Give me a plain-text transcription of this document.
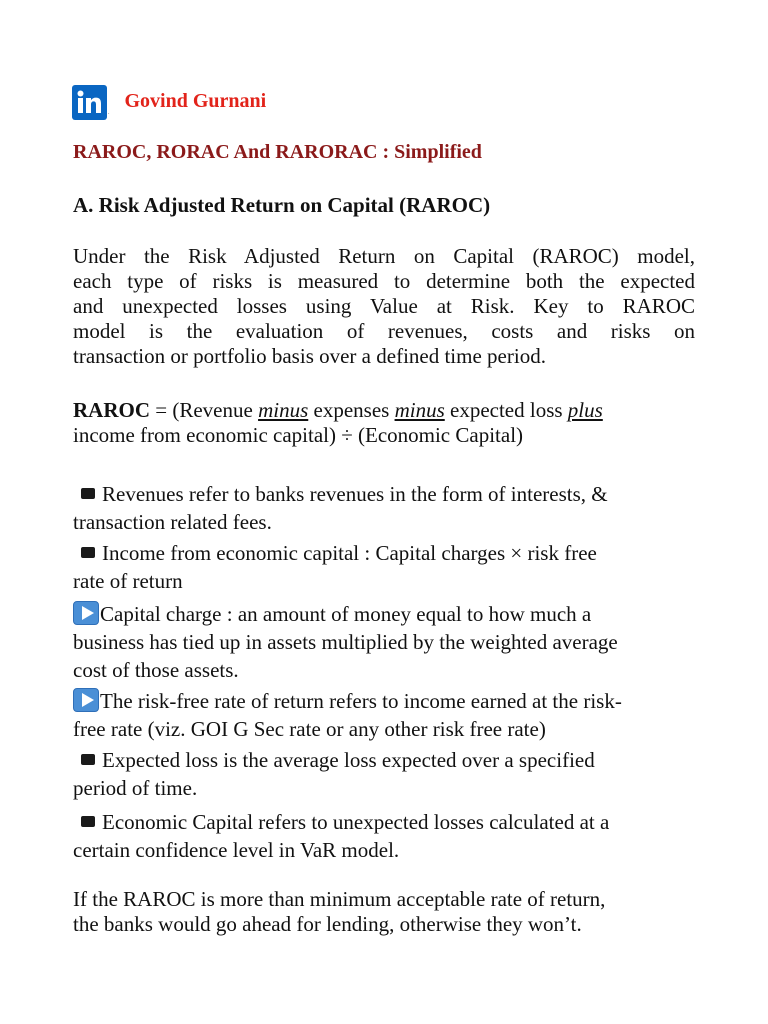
.
Govind Gurnani
RAROC, RORAC And RARORAC : Simplified
A. Risk Adjusted Return on Capital (RAROC)
Under the Risk Adjusted Return on Capital (RAROC) model,
each type of risks is measured to determine both the expected
and unexpected losses using Value at Risk. Key to RAROC
model is the evaluation of revenues, costs and risks on
transaction or portfolio basis over a defined time period.
RAROC = (Revenue minus expenses minus expected loss plus
income from economic capital) ÷ (Economic Capital)
Revenues refer to banks revenues in the form of interests, &
transaction related fees.
Income from economic capital : Capital charges × risk free
rate of return
Capital charge : an amount of money equal to how much a
business has tied up in assets multiplied by the weighted average
cost of those assets.
The risk-free rate of return refers to income earned at the risk-
free rate (viz. GOI G Sec rate or any other risk free rate)
Expected loss is the average loss expected over a specified
period of time.
Economic Capital refers to unexpected losses calculated at a
certain confidence level in VaR model.
If the RAROC is more than minimum acceptable rate of return,
the banks would go ahead for lending, otherwise they won’t.
